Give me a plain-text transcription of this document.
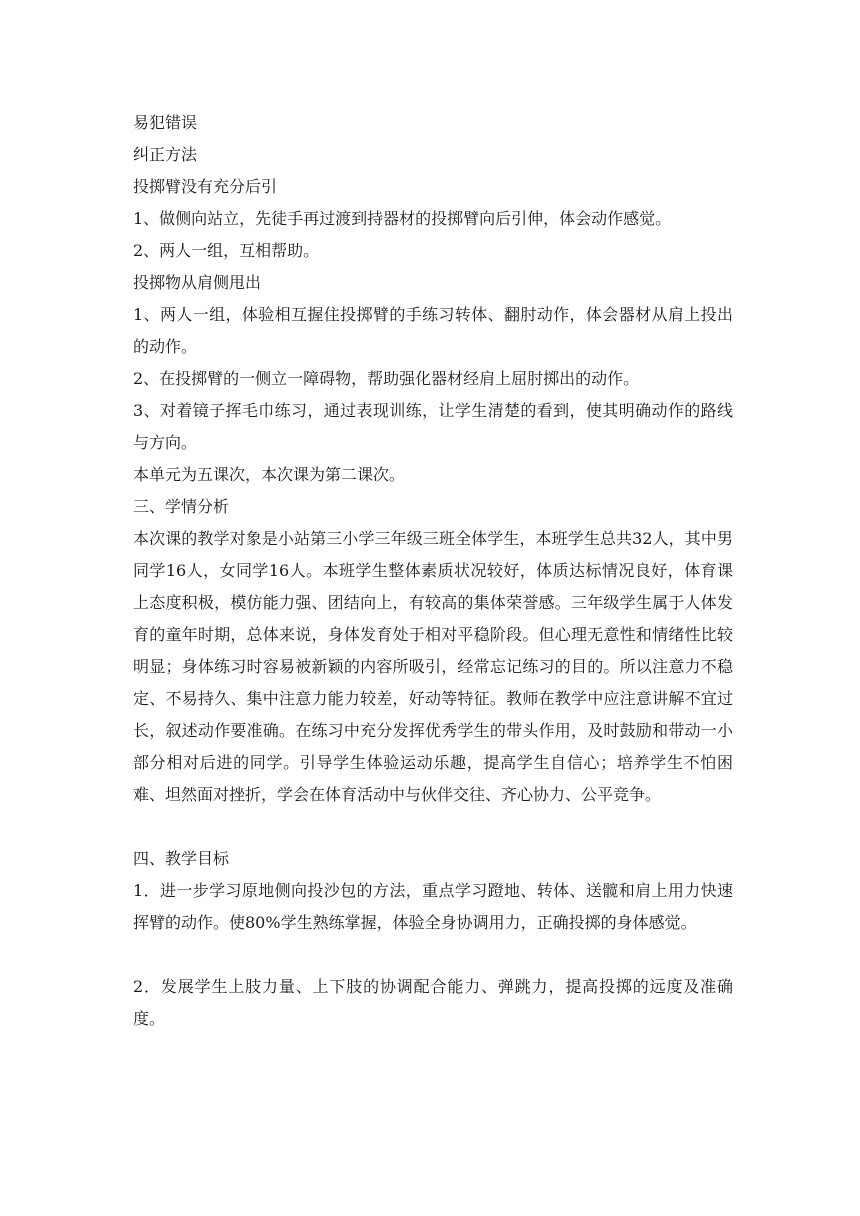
易犯错误

纠正方法

投掷臂没有充分后引

1、做侧向站立，先徒手再过渡到持器材的投掷臂向后引伸，体会动作感觉。

2、两人一组，互相帮助。

投掷物从肩侧甩出

1、两人一组，体验相互握住投掷臂的手练习转体、翻肘动作，体会器材从肩上投出的动作。

2、在投掷臂的一侧立一障碍物，帮助强化器材经肩上屈肘掷出的动作。

3、对着镜子挥毛巾练习，通过表现训练，让学生清楚的看到，使其明确动作的路线与方向。

本单元为五课次，本次课为第二课次。

三、学情分析

本次课的教学对象是小站第三小学三年级三班全体学生，本班学生总共32人，其中男同学16人，女同学16人。本班学生整体素质状况较好，体质达标情况良好，体育课上态度积极，模仿能力强、团结向上，有较高的集体荣誉感。三年级学生属于人体发育的童年时期，总体来说，身体发育处于相对平稳阶段。但心理无意性和情绪性比较明显；身体练习时容易被新颖的内容所吸引，经常忘记练习的目的。所以注意力不稳定、不易持久、集中注意力能力较差，好动等特征。教师在教学中应注意讲解不宜过长，叙述动作要准确。在练习中充分发挥优秀学生的带头作用，及时鼓励和带动一小部分相对后进的同学。引导学生体验运动乐趣，提高学生自信心；培养学生不怕困难、坦然面对挫折，学会在体育活动中与伙伴交往、齐心协力、公平竞争。

四、教学目标

1．进一步学习原地侧向投沙包的方法，重点学习蹬地、转体、送髋和肩上用力快速挥臂的动作。使80%学生熟练掌握，体验全身协调用力，正确投掷的身体感觉。

2．发展学生上肢力量、上下肢的协调配合能力、弹跳力，提高投掷的远度及准确度。
